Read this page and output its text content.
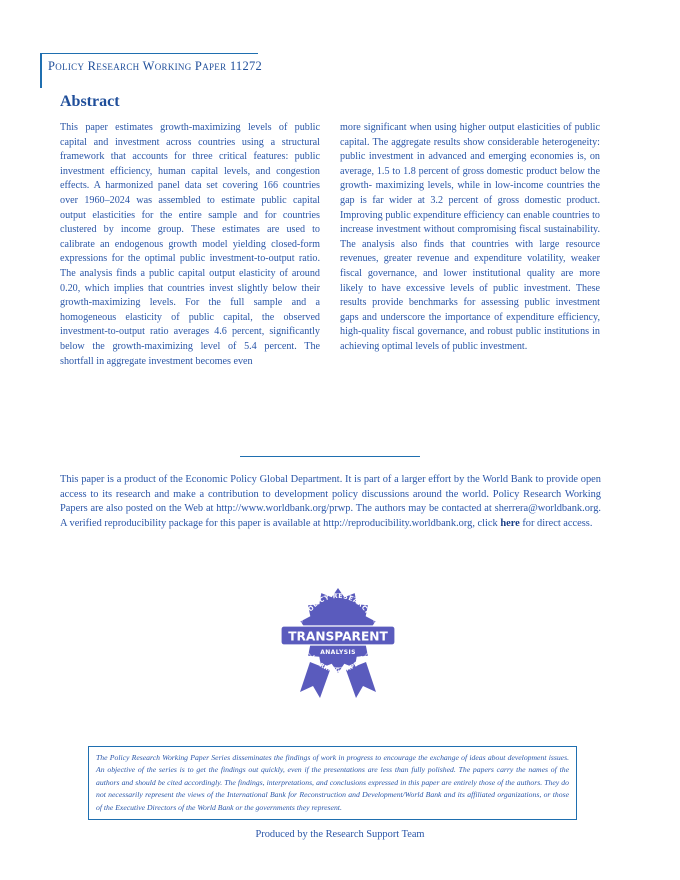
Policy Research Working Paper 11272
Abstract

This paper estimates growth-maximizing levels of public capital and investment across countries using a structural framework that accounts for three critical features: public investment efficiency, human capital levels, and congestion effects. A harmonized panel data set covering 166 countries over 1960–2024 was assembled to estimate public capital output elasticities for the entire sample and for countries clustered by income group. These estimates are used to calibrate an endogenous growth model yielding closed-form expressions for the optimal public investment-to-output ratio. The analysis finds a public capital output elasticity of around 0.20, which implies that countries invest slightly below their growth-maximizing levels. For the full sample and a homogeneous elasticity of public capital, the observed investment-to-output ratio averages 4.6 percent, significantly below the growth-maximizing level of 5.4 percent. The shortfall in aggregate investment becomes even

more significant when using higher output elasticities of public capital. The aggregate results show considerable heterogeneity: public investment in advanced and emerging economies is, on average, 1.5 to 1.8 percent of gross domestic product below the growth- maximizing levels, while in low-income countries the gap is far wider at 3.2 percent of gross domestic product. Improving public expenditure efficiency can enable countries to increase investment without compromising fiscal sustainability. The analysis also finds that countries with large resource revenues, greater revenue and expenditure volatility, weaker fiscal governance, and lower institutional quality are more likely to have excessive levels of public investment. These results provide benchmarks for assessing public investment gaps and underscore the importance of expenditure efficiency, high-quality fiscal governance, and robust public institutions in achieving optimal levels of public investment.

This paper is a product of the Economic Policy Global Department. It is part of a larger effort by the World Bank to provide open access to its research and make a contribution to development policy discussions around the world. Policy Research Working Papers are also posted on the Web at http://www.worldbank.org/prwp. The authors may be contacted at sherrera@worldbank.org. A verified reproducibility package for this paper is available at http://reproducibility.worldbank.org, click here for direct access.

POLICY RESEARCH
TRANSPARENT
ANALYSIS
WORKING PAPERS

The Policy Research Working Paper Series disseminates the findings of work in progress to encourage the exchange of ideas about development issues. An objective of the series is to get the findings out quickly, even if the presentations are less than fully polished. The papers carry the names of the authors and should be cited accordingly. The findings, interpretations, and conclusions expressed in this paper are entirely those of the authors. They do not necessarily represent the views of the International Bank for Reconstruction and Development/World Bank and its affiliated organizations, or those of the Executive Directors of the World Bank or the governments they represent.

Produced by the Research Support Team
